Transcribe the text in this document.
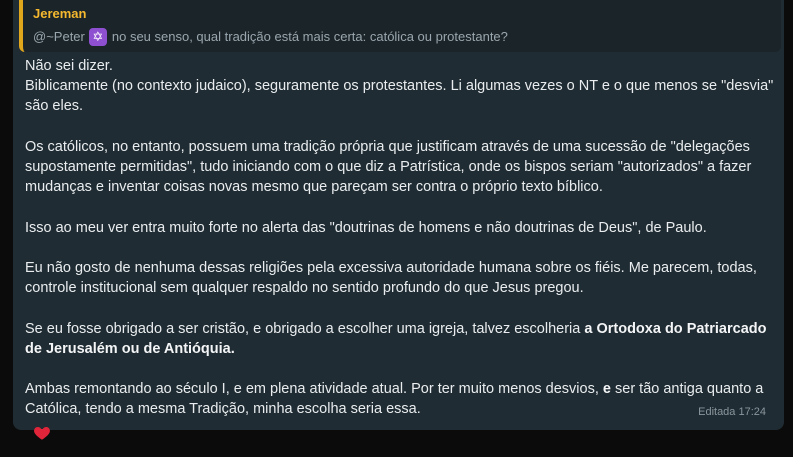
Jereman
@~Peter ✡ no seu senso, qual tradição está mais certa: católica ou protestante?

Não sei dizer.
Biblicamente (no contexto judaico), seguramente os protestantes. Li algumas vezes o NT e o que menos se "desvia" são eles.

Os católicos, no entanto, possuem uma tradição própria que justificam através de uma sucessão de "delegações supostamente permitidas", tudo iniciando com o que diz a Patrística, onde os bispos seriam "autorizados" a fazer mudanças e inventar coisas novas mesmo que pareçam ser contra o próprio texto bíblico.

Isso ao meu ver entra muito forte no alerta das "doutrinas de homens e não doutrinas de Deus", de Paulo.

Eu não gosto de nenhuma dessas religiões pela excessiva autoridade humana sobre os fiéis. Me parecem, todas, controle institucional sem qualquer respaldo no sentido profundo do que Jesus pregou.

Se eu fosse obrigado a ser cristão, e obrigado a escolher uma igreja, talvez escolheria a Ortodoxa do Patriarcado de Jerusalém ou de Antióquia.

Ambas remontando ao século I, e em plena atividade atual. Por ter muito menos desvios, e ser tão antiga quanto a Católica, tendo a mesma Tradição, minha escolha seria essa.	Editada 17:24
